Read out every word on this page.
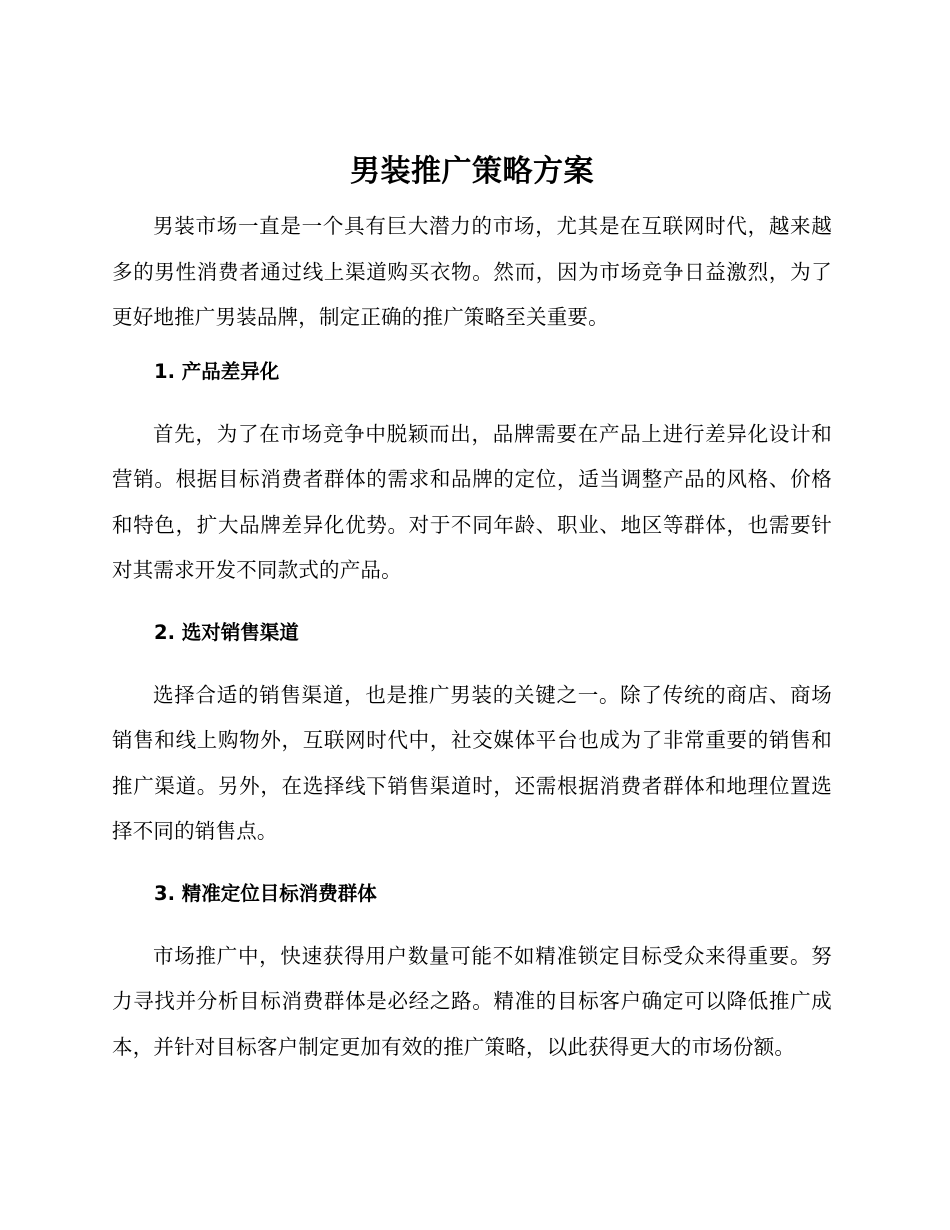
男装推广策略方案

男装市场一直是一个具有巨大潜力的市场，尤其是在互联网时代，越来越多的男性消费者通过线上渠道购买衣物。然而，因为市场竞争日益激烈，为了更好地推广男装品牌，制定正确的推广策略至关重要。

1. 产品差异化

首先，为了在市场竞争中脱颖而出，品牌需要在产品上进行差异化设计和营销。根据目标消费者群体的需求和品牌的定位，适当调整产品的风格、价格和特色，扩大品牌差异化优势。对于不同年龄、职业、地区等群体，也需要针对其需求开发不同款式的产品。

2. 选对销售渠道

选择合适的销售渠道，也是推广男装的关键之一。除了传统的商店、商场销售和线上购物外，互联网时代中，社交媒体平台也成为了非常重要的销售和推广渠道。另外，在选择线下销售渠道时，还需根据消费者群体和地理位置选择不同的销售点。

3. 精准定位目标消费群体

市场推广中，快速获得用户数量可能不如精准锁定目标受众来得重要。努力寻找并分析目标消费群体是必经之路。精准的目标客户确定可以降低推广成本，并针对目标客户制定更加有效的推广策略，以此获得更大的市场份额。
